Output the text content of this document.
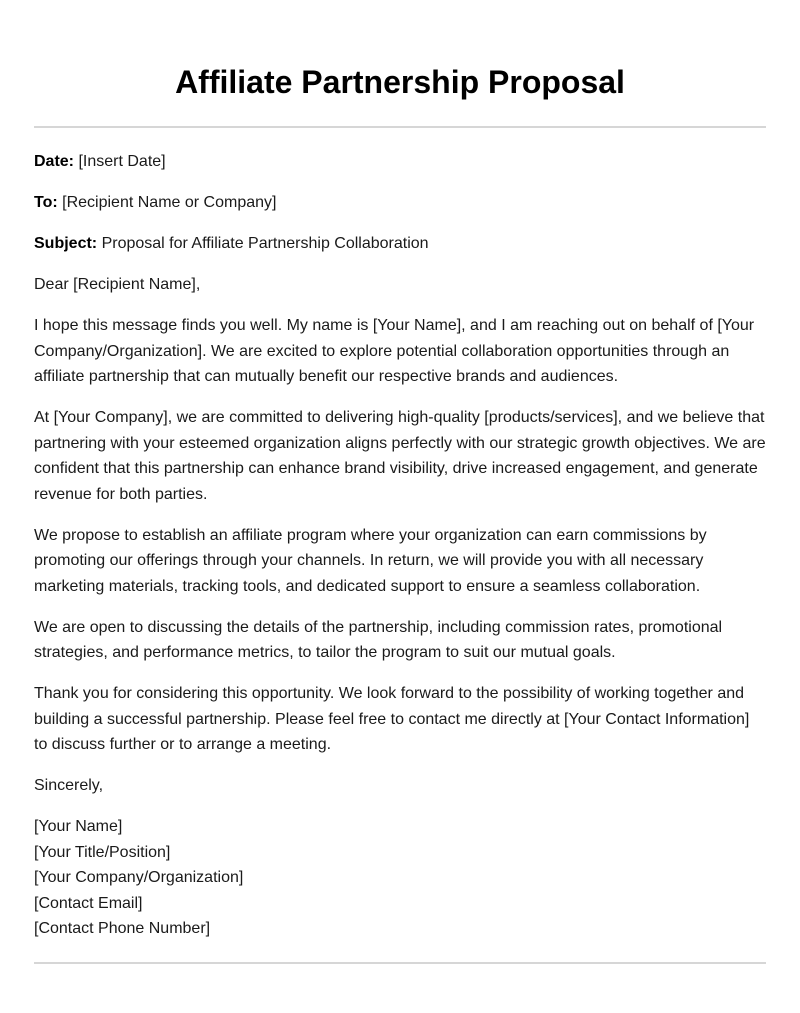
Affiliate Partnership Proposal
Date: [Insert Date]
To: [Recipient Name or Company]
Subject: Proposal for Affiliate Partnership Collaboration

Dear [Recipient Name],

I hope this message finds you well. My name is [Your Name], and I am reaching out on behalf of [Your Company/Organization]. We are excited to explore potential collaboration opportunities through an affiliate partnership that can mutually benefit our respective brands and audiences.

At [Your Company], we are committed to delivering high-quality [products/services], and we believe that partnering with your esteemed organization aligns perfectly with our strategic growth objectives. We are confident that this partnership can enhance brand visibility, drive increased engagement, and generate revenue for both parties.

We propose to establish an affiliate program where your organization can earn commissions by promoting our offerings through your channels. In return, we will provide you with all necessary marketing materials, tracking tools, and dedicated support to ensure a seamless collaboration.

We are open to discussing the details of the partnership, including commission rates, promotional strategies, and performance metrics, to tailor the program to suit our mutual goals.

Thank you for considering this opportunity. We look forward to the possibility of working together and building a successful partnership. Please feel free to contact me directly at [Your Contact Information] to discuss further or to arrange a meeting.

Sincerely,

[Your Name]
[Your Title/Position]
[Your Company/Organization]
[Contact Email]
[Contact Phone Number]
